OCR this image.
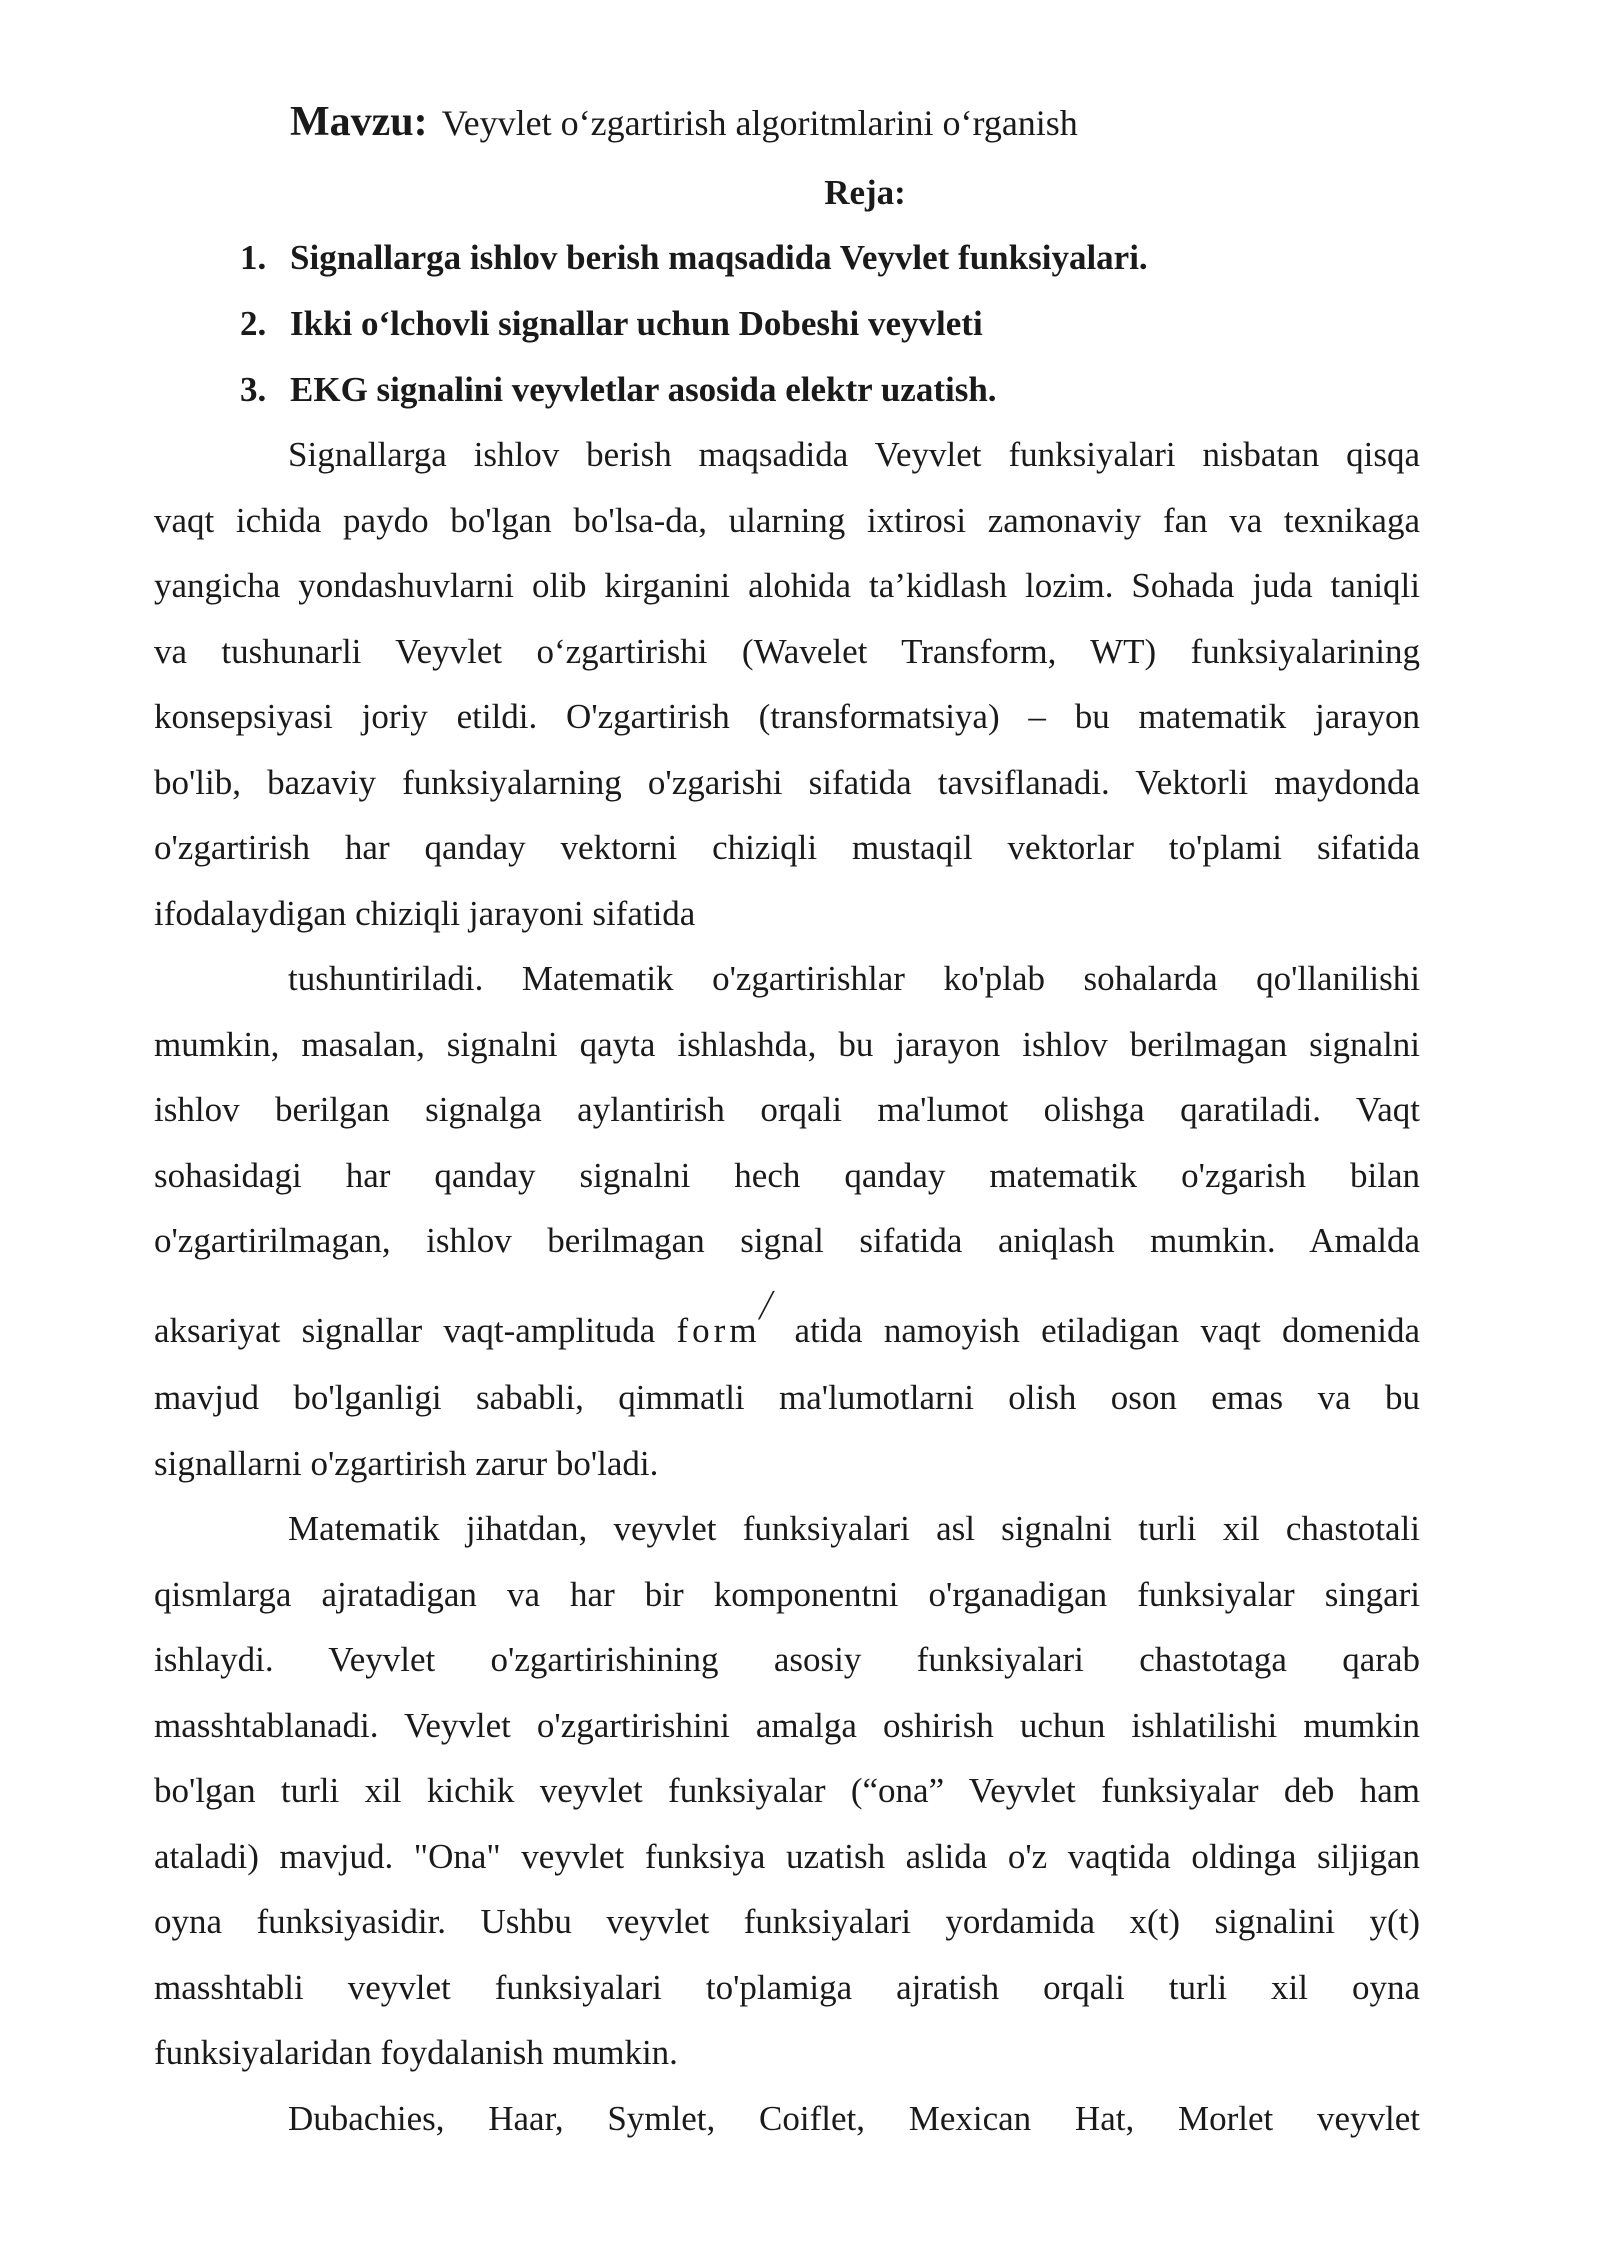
Mavzu: Veyvlet o‘zgartirish algoritmlarini o‘rganish
Reja:
1. Signallarga ishlov berish maqsadida Veyvlet funksiyalari.
2. Ikki o‘lchovli signallar uchun Dobeshi veyvleti
3. EKG signalini veyvletlar asosida elektr uzatish.
Signallarga ishlov berish maqsadida Veyvlet funksiyalari nisbatan qisqa
vaqt ichida paydo bo'lgan bo'lsa-da, ularning ixtirosi zamonaviy fan va texnikaga
yangicha yondashuvlarni olib kirganini alohida ta’kidlash lozim. Sohada juda taniqli
va tushunarli Veyvlet o‘zgartirishi (Wavelet Transform, WT) funksiyalarining
konsepsiyasi joriy etildi. O'zgartirish (transformatsiya) – bu matematik jarayon
bo'lib, bazaviy funksiyalarning o'zgarishi sifatida tavsiflanadi. Vektorli maydonda
o'zgartirish har qanday vektorni chiziqli mustaqil vektorlar to'plami sifatida
ifodalaydigan chiziqli jarayoni sifatida
tushuntiriladi. Matematik o'zgartirishlar ko'plab sohalarda qo'llanilishi
mumkin, masalan, signalni qayta ishlashda, bu jarayon ishlov berilmagan signalni
ishlov berilgan signalga aylantirish orqali ma'lumot olishga qaratiladi. Vaqt
sohasidagi har qanday signalni hech qanday matematik o'zgarish bilan
o'zgartirilmagan, ishlov berilmagan signal sifatida aniqlash mumkin. Amalda
aksariyat signallar vaqt-amplituda form⁄ atida namoyish etiladigan vaqt domenida
mavjud bo'lganligi sababli, qimmatli ma'lumotlarni olish oson emas va bu
signallarni o'zgartirish zarur bo'ladi.
Matematik jihatdan, veyvlet funksiyalari asl signalni turli xil chastotali
qismlarga ajratadigan va har bir komponentni o'rganadigan funksiyalar singari
ishlaydi. Veyvlet o'zgartirishining asosiy funksiyalari chastotaga qarab
masshtablanadi. Veyvlet o'zgartirishini amalga oshirish uchun ishlatilishi mumkin
bo'lgan turli xil kichik veyvlet funksiyalar (“ona” Veyvlet funksiyalar deb ham
ataladi) mavjud. "Ona" veyvlet funksiya uzatish aslida o'z vaqtida oldinga siljigan
oyna funksiyasidir. Ushbu veyvlet funksiyalari yordamida x(t) signalini y(t)
masshtabli veyvlet funksiyalari to'plamiga ajratish orqali turli xil oyna
funksiyalaridan foydalanish mumkin.
Dubachies, Haar, Symlet, Coiflet, Mexican Hat, Morlet veyvlet
